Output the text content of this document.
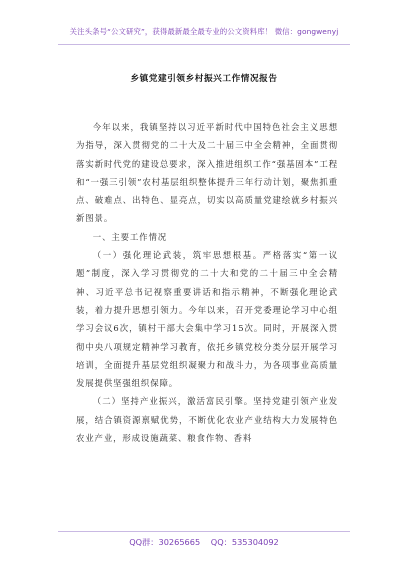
关注头条号“公文研究”，获得最新最全最专业的公文资料库！ 微信：gongwenyj
乡镇党建引领乡村振兴工作情况报告

今年以来，我镇坚持以习近平新时代中国特色社会主义思想为指导，深入贯彻党的二十大及二十届三中全会精神，全面贯彻落实新时代党的建设总要求，深入推进组织工作“强基固本”工程和“一强三引领”农村基层组织整体提升三年行动计划，聚焦抓重点、破难点、出特色、显亮点，切实以高质量党建绘就乡村振兴新图景。

一、主要工作情况

（一）强化理论武装，筑牢思想根基。严格落实“第一议题”制度，深入学习贯彻党的二十大和党的二十届三中全会精神、习近平总书记视察重要讲话和指示精神，不断强化理论武装，着力提升思想引领力。今年以来，召开党委理论学习中心组学习会议6次，镇村干部大会集中学习15次。同时，开展深入贯彻中央八项规定精神学习教育，依托乡镇党校分类分层开展学习培训，全面提升基层党组织凝聚力和战斗力，为各项事业高质量发展提供坚强组织保障。

（二）坚持产业振兴，激活富民引擎。坚持党建引领产业发展，结合镇资源禀赋优势，不断优化农业产业结构大力发展特色农业产业，形成设施蔬菜、粮食作物、香料

QQ群：30265665 QQ：535304092
